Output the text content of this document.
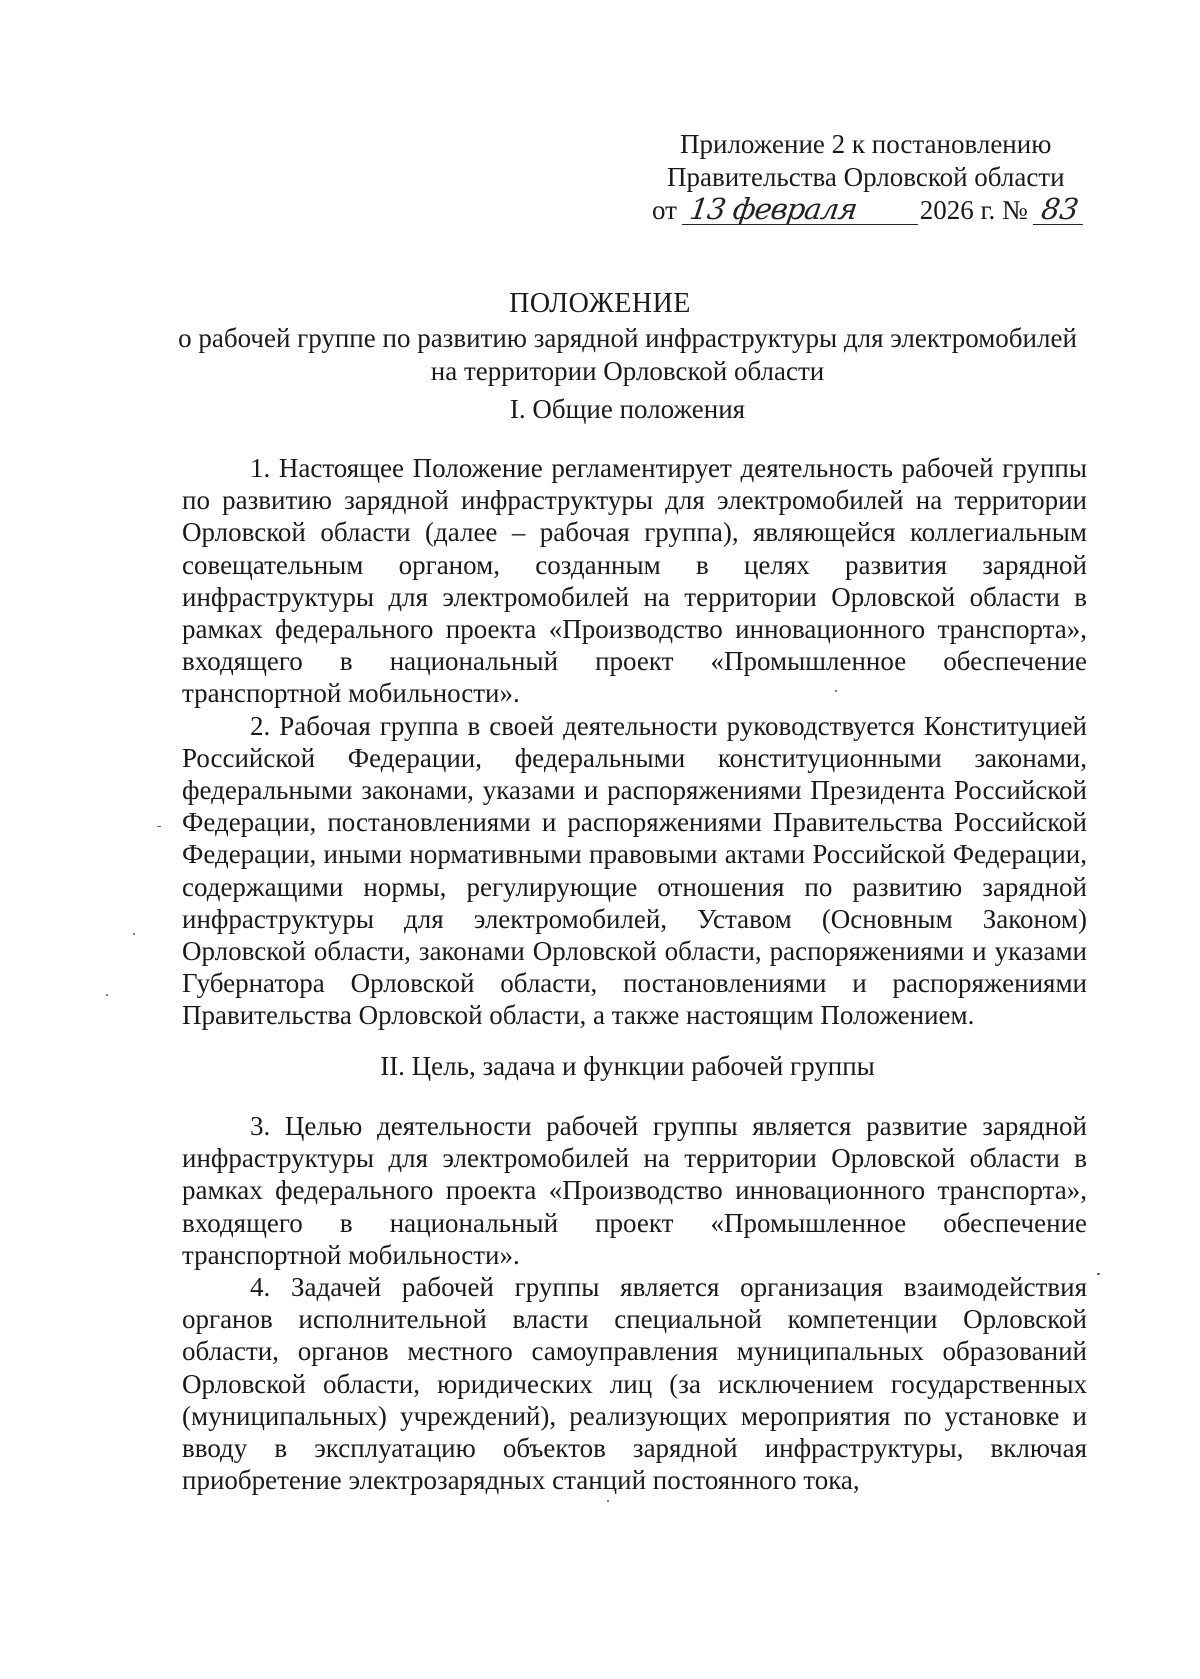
Приложение 2 к постановлению
Правительства Орловской области
от 13 февраля 2026 г. № 83
ПОЛОЖЕНИЕ
о рабочей группе по развитию зарядной инфраструктуры для электромобилей на территории Орловской области
I. Общие положения

1. Настоящее Положение регламентирует деятельность рабочей группы по развитию зарядной инфраструктуры для электромобилей на территории Орловской области (далее – рабочая группа), являющейся коллегиальным совещательным органом, созданным в целях развития зарядной инфраструктуры для электромобилей на территории Орловской области в рамках федерального проекта «Производство инновационного транспорта», входящего в национальный проект «Промышленное обеспечение транспортной мобильности».

2. Рабочая группа в своей деятельности руководствуется Конституцией Российской Федерации, федеральными конституционными законами, федеральными законами, указами и распоряжениями Президента Российской Федерации, постановлениями и распоряжениями Правительства Российской Федерации, иными нормативными правовыми актами Российской Федерации, содержащими нормы, регулирующие отношения по развитию зарядной инфраструктуры для электромобилей, Уставом (Основным Законом) Орловской области, законами Орловской области, распоряжениями и указами Губернатора Орловской области, постановлениями и распоряжениями Правительства Орловской области, а также настоящим Положением.

II. Цель, задача и функции рабочей группы

3. Целью деятельности рабочей группы является развитие зарядной инфраструктуры для электромобилей на территории Орловской области в рамках федерального проекта «Производство инновационного транспорта», входящего в национальный проект «Промышленное обеспечение транспортной мобильности».

4. Задачей рабочей группы является организация взаимодействия органов исполнительной власти специальной компетенции Орловской области, органов местного самоуправления муниципальных образований Орловской области, юридических лиц (за исключением государственных (муниципальных) учреждений), реализующих мероприятия по установке и вводу в эксплуатацию объектов зарядной инфраструктуры, включая приобретение электрозарядных станций постоянного тока,
